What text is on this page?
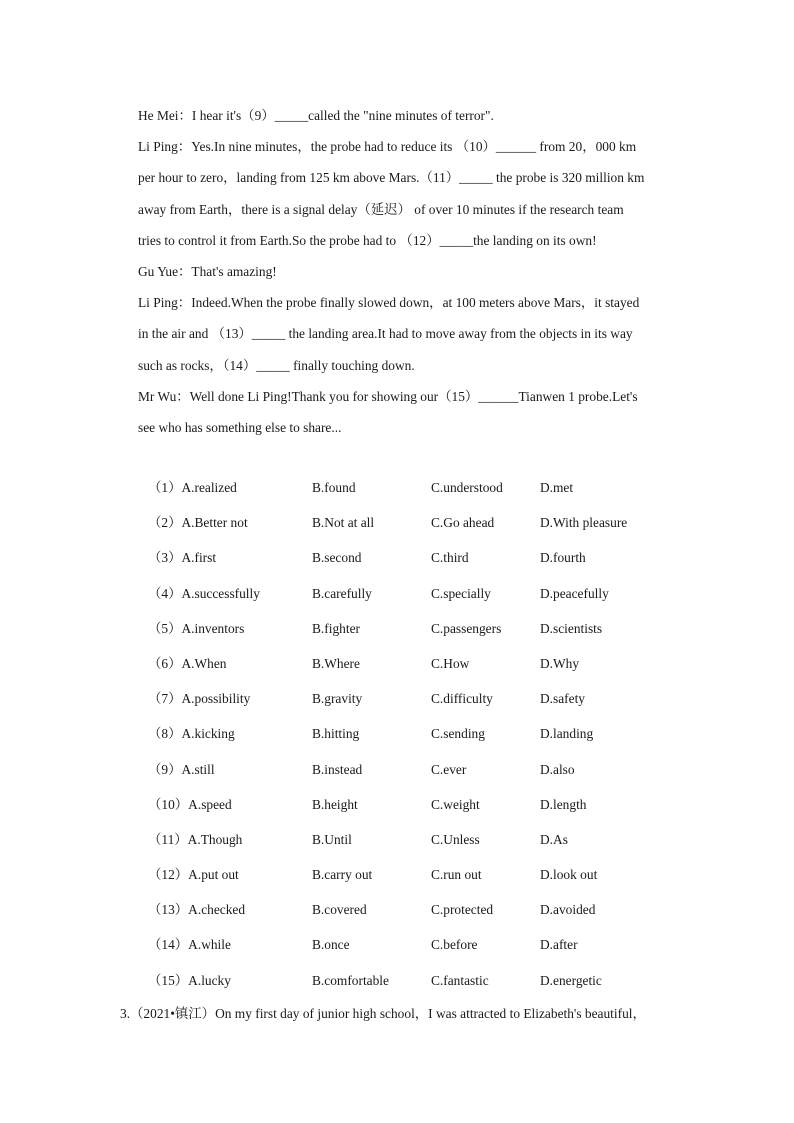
He Mei：I hear it's（9）_____called the "nine minutes of terror".

Li Ping：Yes.In nine minutes，the probe had to reduce its （10）______ from 20，000 km

per hour to zero，landing from 125 km above Mars.（11）_____ the probe is 320 million km

away from Earth，there is a signal delay（延迟） of over 10 minutes if the research team

tries to control it from Earth.So the probe had to （12）_____the landing on its own!

Gu Yue：That's amazing!

Li Ping：Indeed.When the probe finally slowed down，at 100 meters above Mars，it stayed

in the air and （13）_____ the landing area.It had to move away from the objects in its way

such as rocks，（14）_____ finally touching down.

Mr Wu：Well done Li Ping!Thank you for showing our（15）______Tianwen 1 probe.Let's

see who has something else to share...

（1）A.realized	B.found	C.understood	D.met
（2）A.Better not	B.Not at all	C.Go ahead	D.With pleasure
（3）A.first	B.second	C.third	D.fourth
（4）A.successfully	B.carefully	C.specially	D.peacefully
（5）A.inventors	B.fighter	C.passengers	D.scientists
（6）A.When	B.Where	C.How	D.Why
（7）A.possibility	B.gravity	C.difficulty	D.safety
（8）A.kicking	B.hitting	C.sending	D.landing
（9）A.still	B.instead	C.ever	D.also
（10）A.speed	B.height	C.weight	D.length
（11）A.Though	B.Until	C.Unless	D.As
（12）A.put out	B.carry out	C.run out	D.look out
（13）A.checked	B.covered	C.protected	D.avoided
（14）A.while	B.once	C.before	D.after
（15）A.lucky	B.comfortable	C.fantastic	D.energetic
3.（2021•镇江）On my first day of junior high school，I was attracted to Elizabeth's beautiful，
